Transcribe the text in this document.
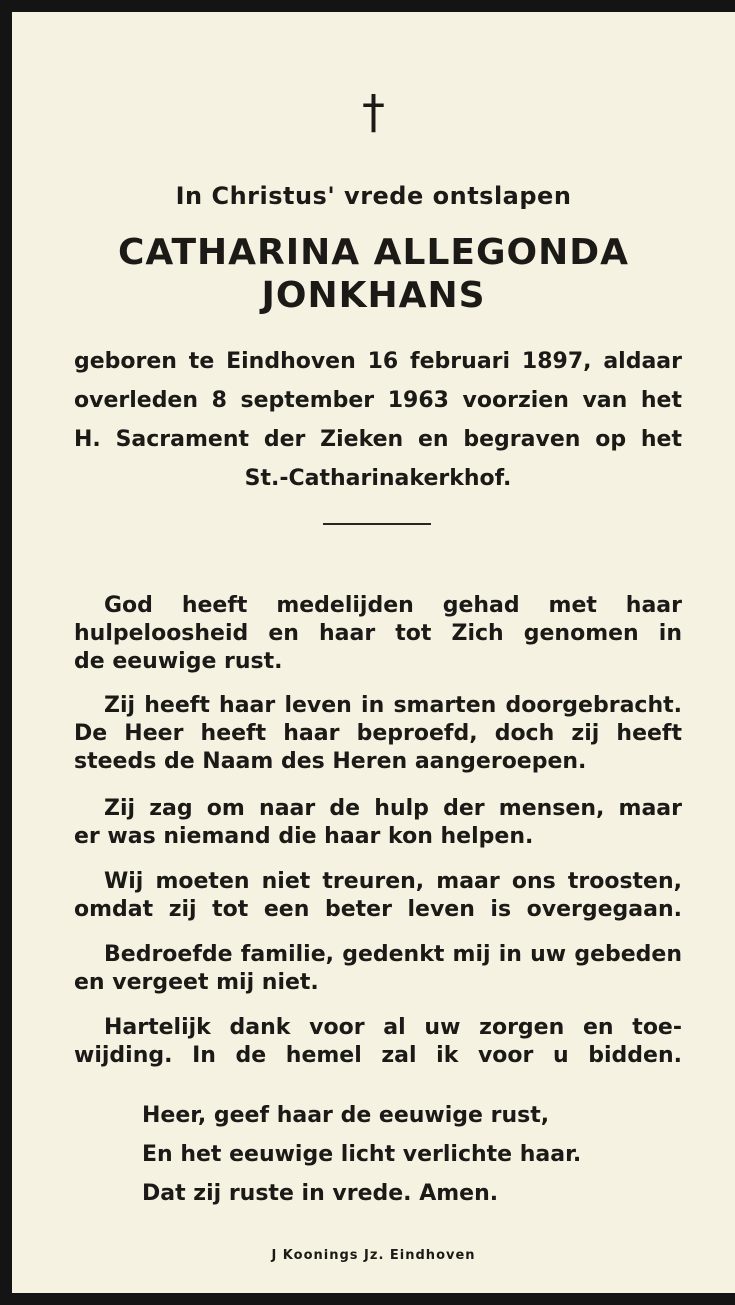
†
In Christus' vrede ontslapen
CATHARINA ALLEGONDA
JONKHANS
geboren te Eindhoven 16 februari 1897, aldaar
overleden 8 september 1963 voorzien van het
H. Sacrament der Zieken en begraven op het
St.-Catharinakerkhof.
God heeft medelijden gehad met haar
hulpeloosheid en haar tot Zich genomen in
de eeuwige rust.
Zij heeft haar leven in smarten doorgebracht.
De Heer heeft haar beproefd, doch zij heeft
steeds de Naam des Heren aangeroepen.
Zij zag om naar de hulp der mensen, maar
er was niemand die haar kon helpen.
Wij moeten niet treuren, maar ons troosten,
omdat zij tot een beter leven is overgegaan.
Bedroefde familie, gedenkt mij in uw gebeden
en vergeet mij niet.
Hartelijk dank voor al uw zorgen en toe-
wijding. In de hemel zal ik voor u bidden.
Heer, geef haar de eeuwige rust,
En het eeuwige licht verlichte haar.
Dat zij ruste in vrede. Amen.
J Koonings Jz. Eindhoven
